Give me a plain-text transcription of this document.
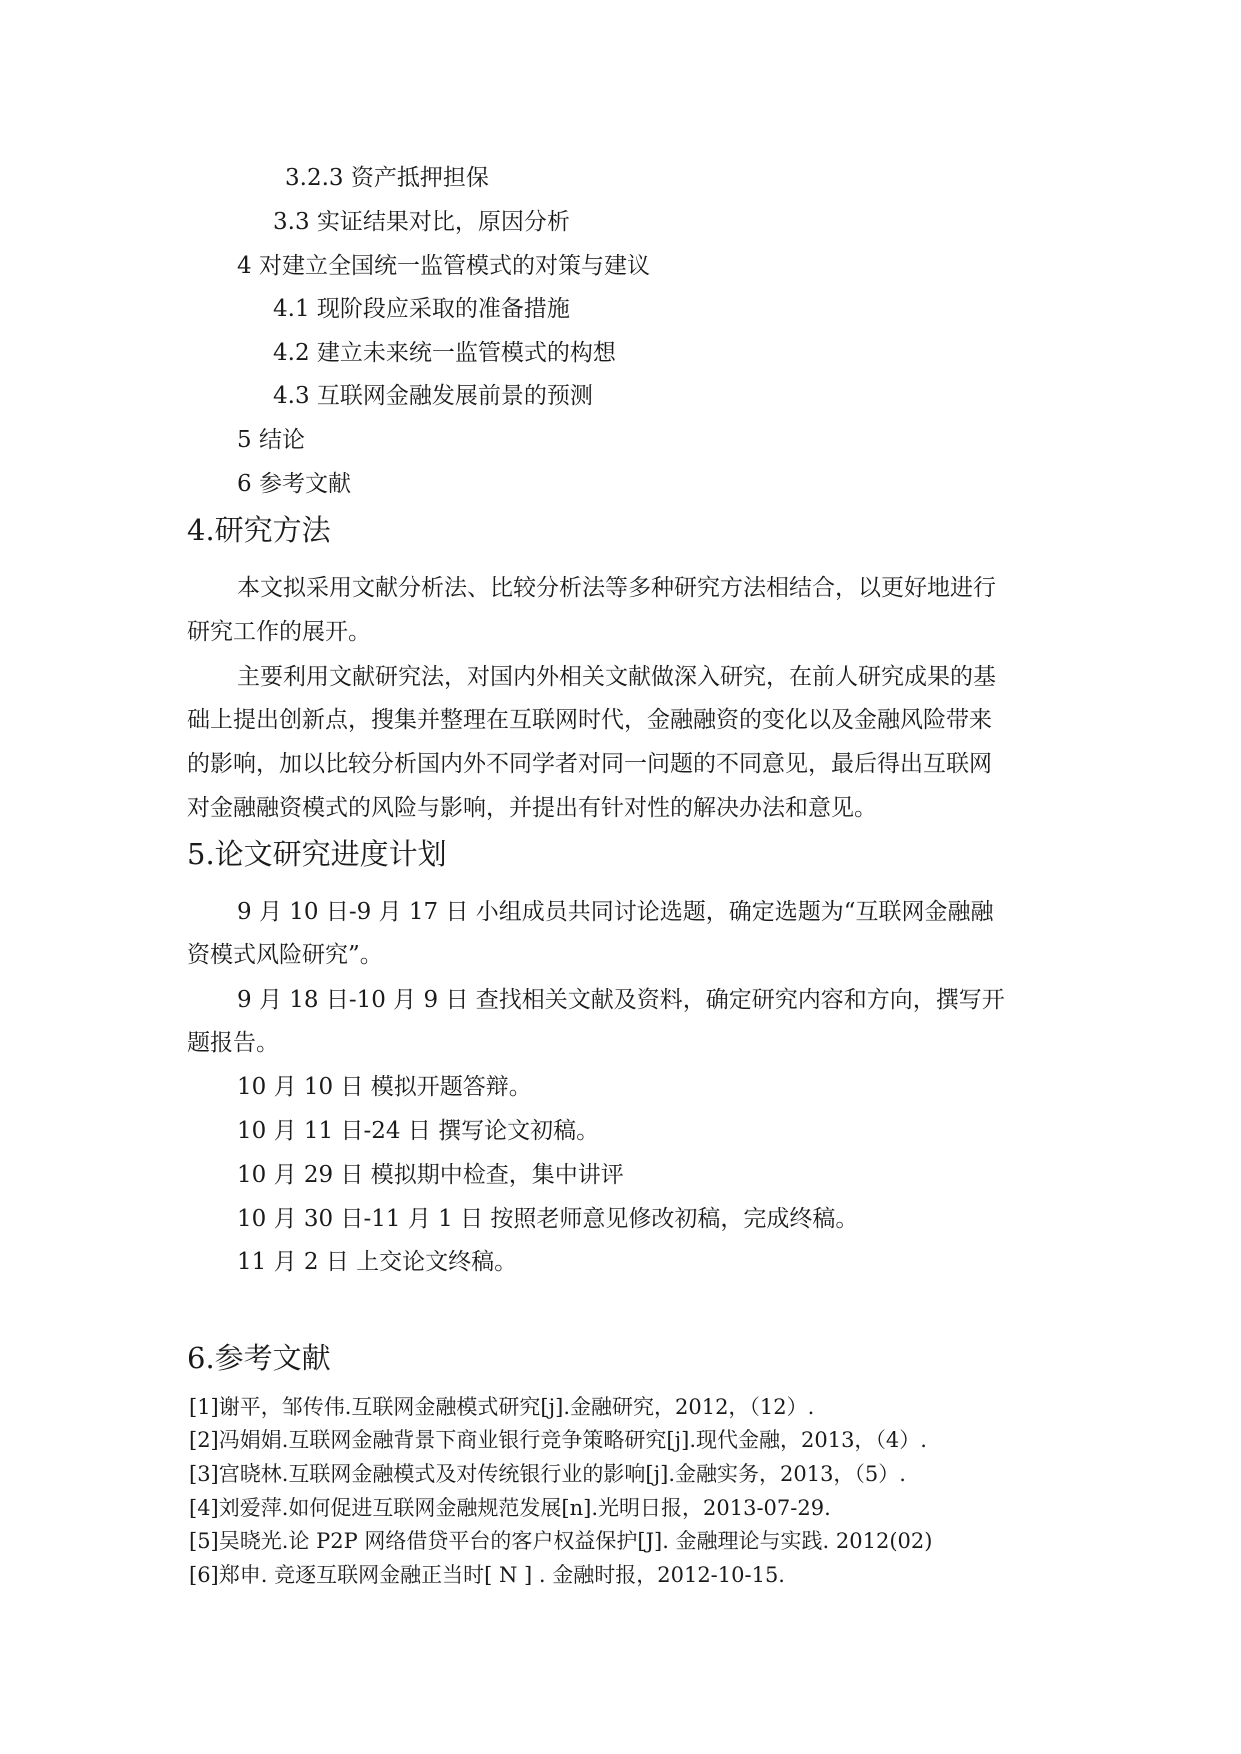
3.2.3 资产抵押担保
3.3 实证结果对比，原因分析
4 对建立全国统一监管模式的对策与建议
4.1 现阶段应采取的准备措施
4.2 建立未来统一监管模式的构想
4.3 互联网金融发展前景的预测
5 结论
6 参考文献
4.研究方法
本文拟采用文献分析法、比较分析法等多种研究方法相结合，以更好地进行
研究工作的展开。
主要利用文献研究法，对国内外相关文献做深入研究，在前人研究成果的基
础上提出创新点，搜集并整理在互联网时代，金融融资的变化以及金融风险带来
的影响，加以比较分析国内外不同学者对同一问题的不同意见，最后得出互联网
对金融融资模式的风险与影响，并提出有针对性的解决办法和意见。
5.论文研究进度计划
9 月 10 日-9 月 17 日 小组成员共同讨论选题，确定选题为“互联网金融融
资模式风险研究”。
9 月 18 日-10 月 9 日 查找相关文献及资料，确定研究内容和方向，撰写开
题报告。
10 月 10 日 模拟开题答辩。
10 月 11 日-24 日 撰写论文初稿。
10 月 29 日 模拟期中检查，集中讲评
10 月 30 日-11 月 1 日 按照老师意见修改初稿，完成终稿。
11 月 2 日 上交论文终稿。
6.参考文献
[1]谢平，邹传伟.互联网金融模式研究[j].金融研究，2012，（12）.
[2]冯娟娟.互联网金融背景下商业银行竞争策略研究[j].现代金融，2013，（4）.
[3]宫晓林.互联网金融模式及对传统银行业的影响[j].金融实务，2013，（5）.
[4]刘爱萍.如何促进互联网金融规范发展[n].光明日报，2013-07-29.
[5]吴晓光.论 P2P 网络借贷平台的客户权益保护[J]. 金融理论与实践. 2012(02)
[6]郑申. 竞逐互联网金融正当时[ N ] . 金融时报，2012-10-15.
